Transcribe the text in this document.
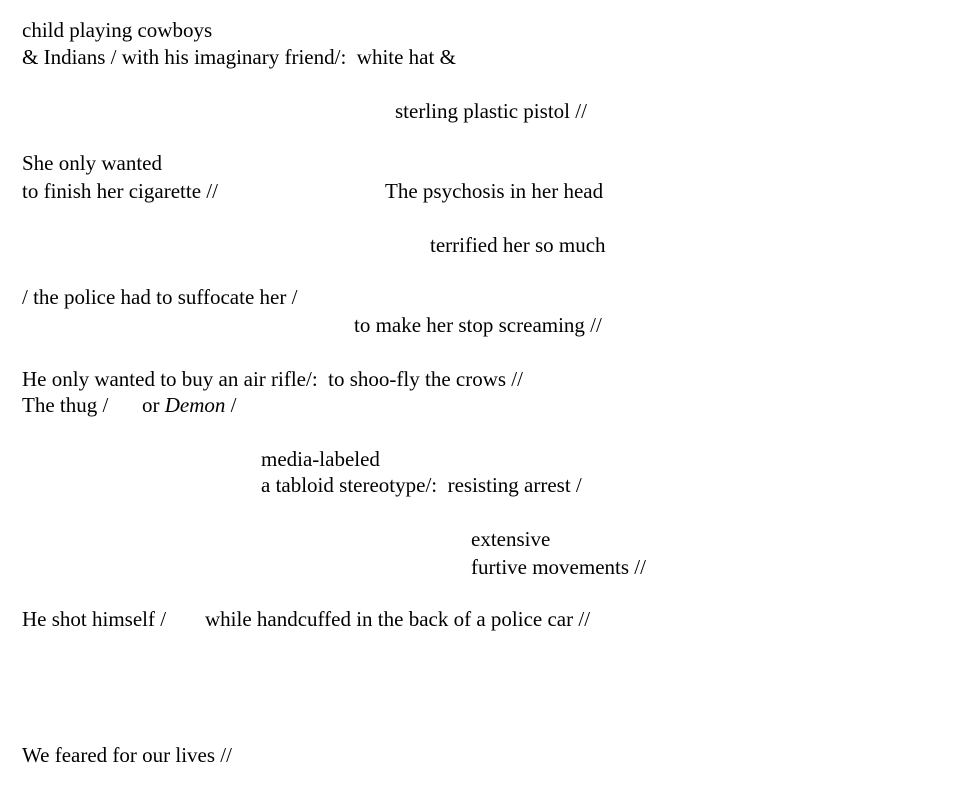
child playing cowboys
& Indians / with his imaginary friend/:  white hat &
sterling plastic pistol //
She only wanted
to finish her cigarette //	The psychosis in her head
terrified her so much
/ the police had to suffocate her /
to make her stop screaming //
He only wanted to buy an air rifle/:  to shoo-fly the crows //
The thug / or Demon /
media-labeled
a tabloid stereotype/:  resisting arrest /
extensive
furtive movements //
He shot himself / while handcuffed in the back of a police car //
We feared for our lives //
